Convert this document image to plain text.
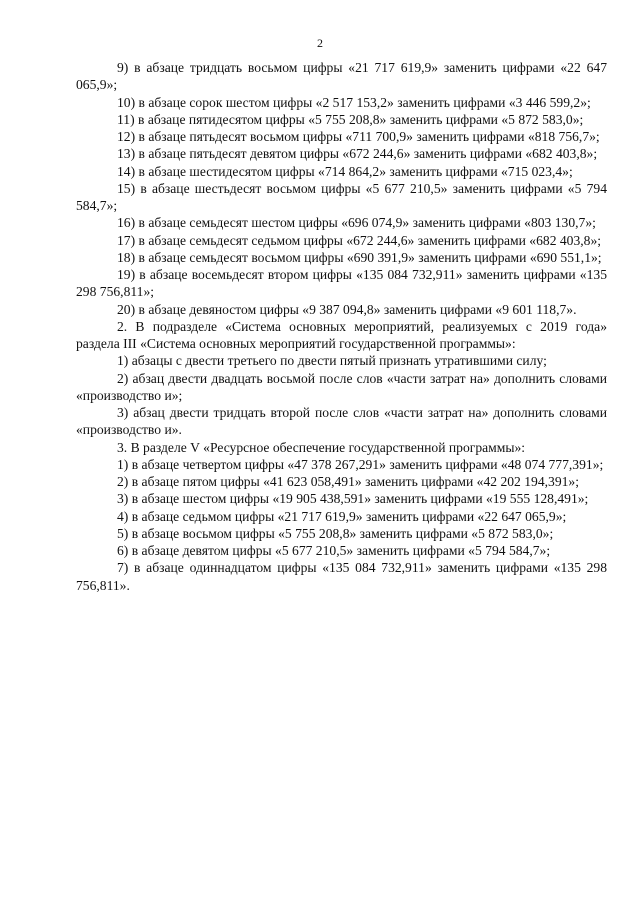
2

9) в абзаце тридцать восьмом цифры «21 717 619,9» заменить цифрами «22 647 065,9»;

10) в абзаце сорок шестом цифры «2 517 153,2» заменить цифрами «3 446 599,2»;

11) в абзаце пятидесятом цифры «5 755 208,8» заменить цифрами «5 872 583,0»;

12) в абзаце пятьдесят восьмом цифры «711 700,9» заменить цифрами «818 756,7»;

13) в абзаце пятьдесят девятом цифры «672 244,6» заменить цифрами «682 403,8»;

14) в абзаце шестидесятом цифры «714 864,2» заменить цифрами «715 023,4»;

15) в абзаце шестьдесят восьмом цифры «5 677 210,5» заменить цифрами «5 794 584,7»;

16) в абзаце семьдесят шестом цифры «696 074,9» заменить цифрами «803 130,7»;

17) в абзаце семьдесят седьмом цифры «672 244,6» заменить цифрами «682 403,8»;

18) в абзаце семьдесят восьмом цифры «690 391,9» заменить цифрами «690 551,1»;

19) в абзаце восемьдесят втором цифры «135 084 732,911» заменить цифрами «135 298 756,811»;

20) в абзаце девяностом цифры «9 387 094,8» заменить цифрами «9 601 118,7».

2. В подразделе «Система основных мероприятий, реализуемых с 2019 года» раздела III «Система основных мероприятий государственной программы»:

1) абзацы с двести третьего по двести пятый признать утратившими силу;

2) абзац двести двадцать восьмой после слов «части затрат на» дополнить словами «производство и»;

3) абзац двести тридцать второй после слов «части затрат на» дополнить словами «производство и».

3. В разделе V «Ресурсное обеспечение государственной программы»:

1) в абзаце четвертом цифры «47 378 267,291» заменить цифрами «48 074 777,391»;

2) в абзаце пятом цифры «41 623 058,491» заменить цифрами «42 202 194,391»;

3) в абзаце шестом цифры «19 905 438,591» заменить цифрами «19 555 128,491»;

4) в абзаце седьмом цифры «21 717 619,9» заменить цифрами «22 647 065,9»;

5) в абзаце восьмом цифры «5 755 208,8» заменить цифрами «5 872 583,0»;

6) в абзаце девятом цифры «5 677 210,5» заменить цифрами «5 794 584,7»;

7) в абзаце одиннадцатом цифры «135 084 732,911» заменить цифрами «135 298 756,811».
